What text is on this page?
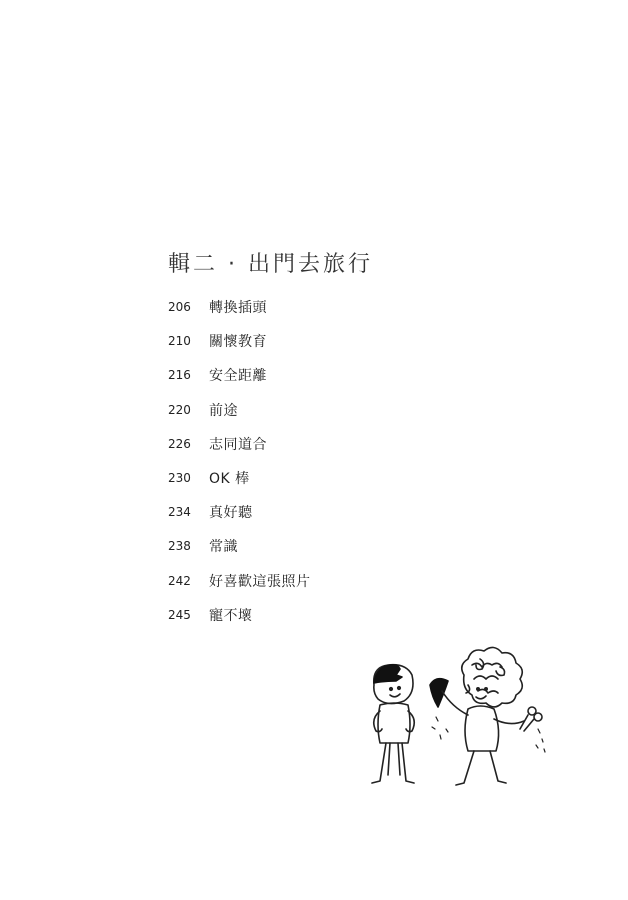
輯二 · 出門去旅行
206	轉換插頭
210	關懷教育
216	安全距離
220	前途
226	志同道合
230	OK 棒
234	真好聽
238	常識
242	好喜歡這張照片
245	寵不壞
